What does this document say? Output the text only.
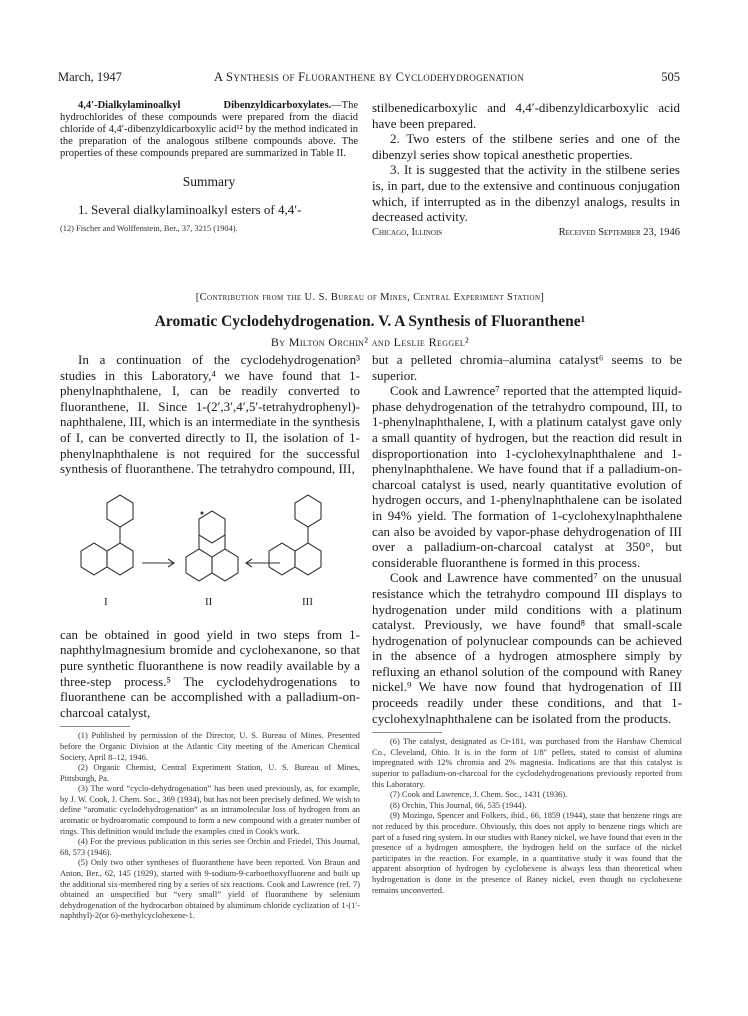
March, 1947	A Synthesis of Fluoranthene by Cyclodehydrogenation	505

4,4′-Dialkylaminoalkyl Dibenzyldicarboxylates.—The hydrochlorides of these compounds were prepared from the diacid chloride of 4,4′-dibenzyldicarboxylic acid¹² by the method indicated in the preparation of the analogous stilbene compounds above. The properties of these compounds prepared are summarized in Table II.

Summary

1. Several dialkylaminoalkyl esters of 4,4′-

(12) Fischer and Wolffenstein, Ber., 37, 3215 (1904).

stilbenedicarboxylic and 4,4′-dibenzyldicarboxylic acid have been prepared.

2. Two esters of the stilbene series and one of the dibenzyl series show topical anesthetic properties.

3. It is suggested that the activity in the stilbene series is, in part, due to the extensive and continuous conjugation which, if interrupted as in the dibenzyl analogs, results in decreased activity.

Chicago, Illinois	Received September 23, 1946
[Contribution from the U. S. Bureau of Mines, Central Experiment Station]
Aromatic Cyclodehydrogenation. V. A Synthesis of Fluoranthene¹
By Milton Orchin² and Leslie Reggel²

In a continuation of the cyclodehydrogenation³ studies in this Laboratory,⁴ we have found that 1-phenylnaphthalene, I, can be readily converted to fluoranthene, II. Since 1-(2′,3′,4′,5′-tetrahydrophenyl)-naphthalene, III, which is an intermediate in the synthesis of I, can be converted directly to II, the isolation of 1-phenylnaphthalene is not required for the successful synthesis of fluoranthene. The tetrahydro compound, III,

I	II	III

can be obtained in good yield in two steps from 1-naphthylmagnesium bromide and cyclohexanone, so that pure synthetic fluoranthene is now readily available by a three-step process.⁵ The cyclodehydrogenations to fluoranthene can be accomplished with a palladium-on-charcoal catalyst,

(1) Published by permission of the Director, U. S. Bureau of Mines. Presented before the Organic Division at the Atlantic City meeting of the American Chemical Society, April 8–12, 1946.

(2) Organic Chemist, Central Experiment Station, U. S. Bureau of Mines, Pittsburgh, Pa.

(3) The word “cyclo-dehydrogenation” has been used previously, as, for example, by J. W. Cook, J. Chem. Soc., 369 (1934), but has not been precisely defined. We wish to define “aromatic cyclodehydrogenation” as an intramolecular loss of hydrogen from an aromatic or hydroaromatic compound to form a new compound with a greater number of rings. This definition would include the examples cited in Cook's work.

(4) For the previous publication in this series see Orchin and Friedel, This Journal, 68, 573 (1946).

(5) Only two other syntheses of fluoranthene have been reported. Von Braun and Anton, Ber., 62, 145 (1929), started with 9-sodium-9-carboethoxyfluorene and built up the additional six-membered ring by a series of six reactions. Cook and Lawrence (ref. 7) obtained an unspecified but “very small” yield of fluoranthene by selenium dehydrogenation of the hydrocarbon obtained by aluminum chloride cyclization of 1-(1′-naphthyl)-2(or 6)-methylcyclohexene-1.

but a pelleted chromia–alumina catalyst⁶ seems to be superior.

Cook and Lawrence⁷ reported that the attempted liquid-phase dehydrogenation of the tetrahydro compound, III, to 1-phenylnaphthalene, I, with a platinum catalyst gave only a small quantity of hydrogen, but the reaction did result in disproportionation into 1-cyclohexylnaphthalene and 1-phenylnaphthalene. We have found that if a palladium-on-charcoal catalyst is used, nearly quantitative evolution of hydrogen occurs, and 1-phenylnaphthalene can be isolated in 94% yield. The formation of 1-cyclohexylnaphthalene can also be avoided by vapor-phase dehydrogenation of III over a palladium-on-charcoal catalyst at 350°, but considerable fluoranthene is formed in this process.

Cook and Lawrence have commented⁷ on the unusual resistance which the tetrahydro compound III displays to hydrogenation under mild conditions with a platinum catalyst. Previously, we have found⁸ that small-scale hydrogenation of polynuclear compounds can be achieved in the absence of a hydrogen atmosphere simply by refluxing an ethanol solution of the compound with Raney nickel.⁹ We have now found that hydrogenation of III proceeds readily under these conditions, and that 1-cyclohexylnaphthalene can be isolated from the products.

(6) The catalyst, designated as Cr-181, was purchased from the Harshaw Chemical Co., Cleveland, Ohio. It is in the form of 1/8″ pellets, stated to consist of alumina impregnated with 12% chromia and 2% magnesia. Indications are that this catalyst is superior to palladium-on-charcoal for the cyclodehydrogenations previously reported from this Laboratory.

(7) Cook and Lawrence, J. Chem. Soc., 1431 (1936).

(8) Orchin, This Journal, 66, 535 (1944).

(9) Mozingo, Spencer and Folkers, ibid., 66, 1859 (1944), state that benzene rings are not reduced by this procedure. Obviously, this does not apply to benzene rings which are part of a fused ring system. In our studies with Raney nickel, we have found that even in the presence of a hydrogen atmosphere, the hydrogen held on the surface of the nickel participates in the reaction. For example, in a quantitative study it was found that the apparent absorption of hydrogen by cyclohexene is always less than theoretical when hydrogenation is done in the presence of Raney nickel, even though no cyclohexene remains unconverted.
